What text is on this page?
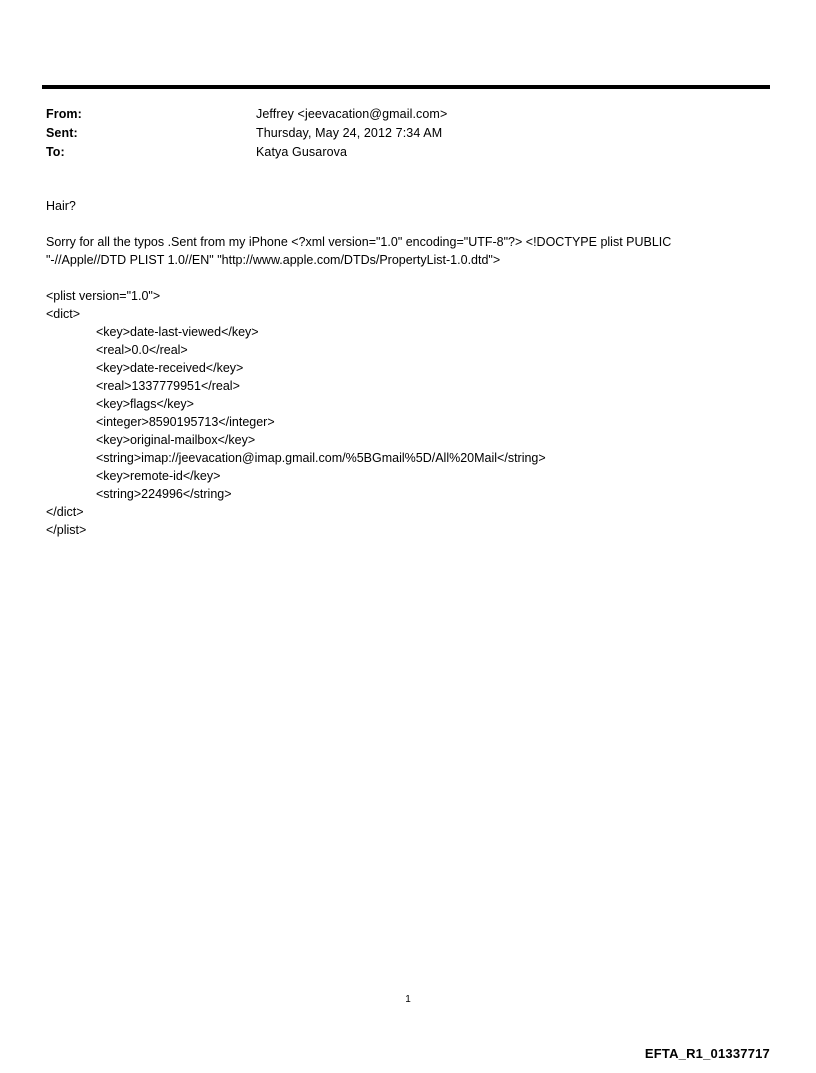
From:	Jeffrey <jeevacation@gmail.com>
Sent:	Thursday, May 24, 2012 7:34 AM
To:	Katya Gusarova

Hair?

Sorry for all the typos .Sent from my iPhone <?xml version="1.0" encoding="UTF-8"?> <!DOCTYPE plist PUBLIC "-//Apple//DTD PLIST 1.0//EN" "http://www.apple.com/DTDs/PropertyList-1.0.dtd">

<plist version="1.0">
<dict>
<key>date-last-viewed</key>
<real>0.0</real>
<key>date-received</key>
<real>1337779951</real>
<key>flags</key>
<integer>8590195713</integer>
<key>original-mailbox</key>
<string>imap://jeevacation@imap.gmail.com/%5BGmail%5D/All%20Mail</string>
<key>remote-id</key>
<string>224996</string>
</dict>
</plist>
1
EFTA_R1_01337717
